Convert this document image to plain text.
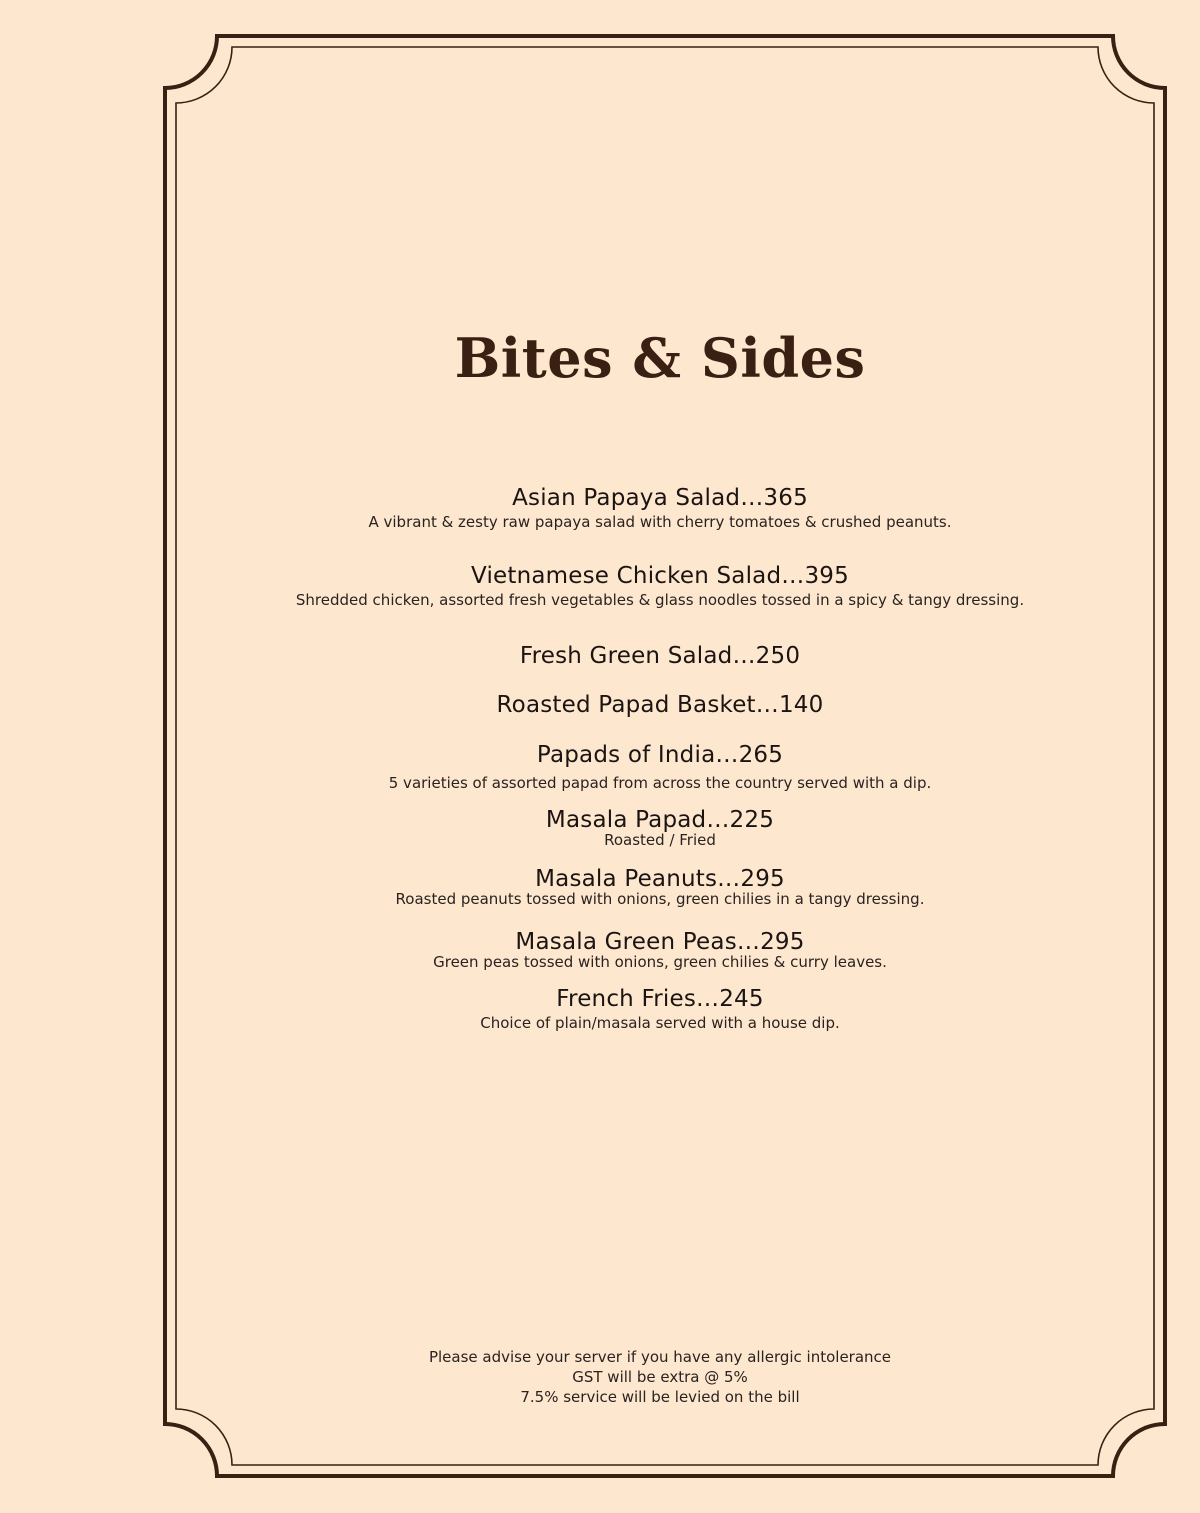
Bites & Sides
Asian Papaya Salad…365
A vibrant & zesty raw papaya salad with cherry tomatoes & crushed peanuts.
Vietnamese Chicken Salad…395
Shredded chicken, assorted fresh vegetables & glass noodles tossed in a spicy & tangy dressing.
Fresh Green Salad…250
Roasted Papad Basket…140
Papads of India…265
5 varieties of assorted papad from across the country served with a dip.
Masala Papad…225
Roasted / Fried
Masala Peanuts…295
Roasted peanuts tossed with onions, green chilies in a tangy dressing.
Masala Green Peas…295
Green peas tossed with onions, green chilies & curry leaves.
French Fries…245
Choice of plain/masala served with a house dip.
Please advise your server if you have any allergic intolerance
GST will be extra @ 5%
7.5% service will be levied on the bill
